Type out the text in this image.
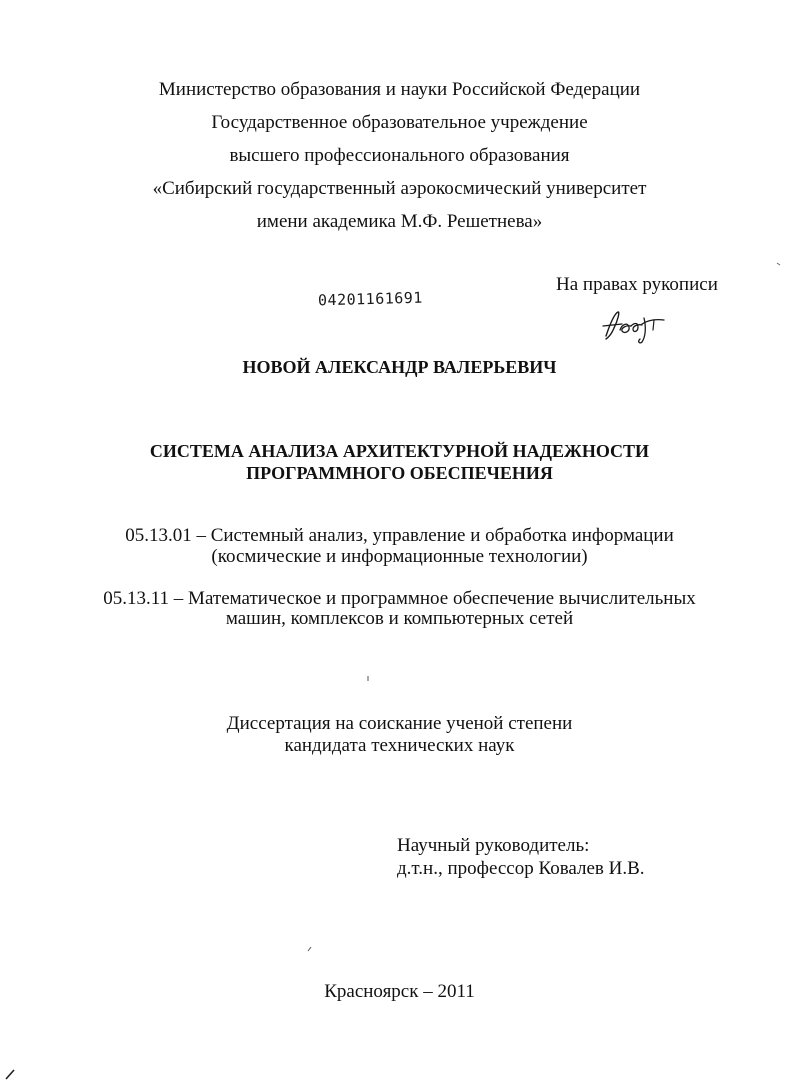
Министерство образования и науки Российской Федерации
Государственное образовательное учреждение
высшего профессионального образования
«Сибирский государственный аэрокосмический университет
имени академика М.Ф. Решетнева»
На правах рукописи
04201161691
НОВОЙ АЛЕКСАНДР ВАЛЕРЬЕВИЧ
СИСТЕМА АНАЛИЗА АРХИТЕКТУРНОЙ НАДЕЖНОСТИ
ПРОГРАММНОГО ОБЕСПЕЧЕНИЯ
05.13.01 – Системный анализ, управление и обработка информации
(космические и информационные технологии)
05.13.11 – Математическое и программное обеспечение вычислительных
машин, комплексов и компьютерных сетей
Диссертация на соискание ученой степени
кандидата технических наук
Научный руководитель:
д.т.н., профессор Ковалев И.В.
Красноярск – 2011
